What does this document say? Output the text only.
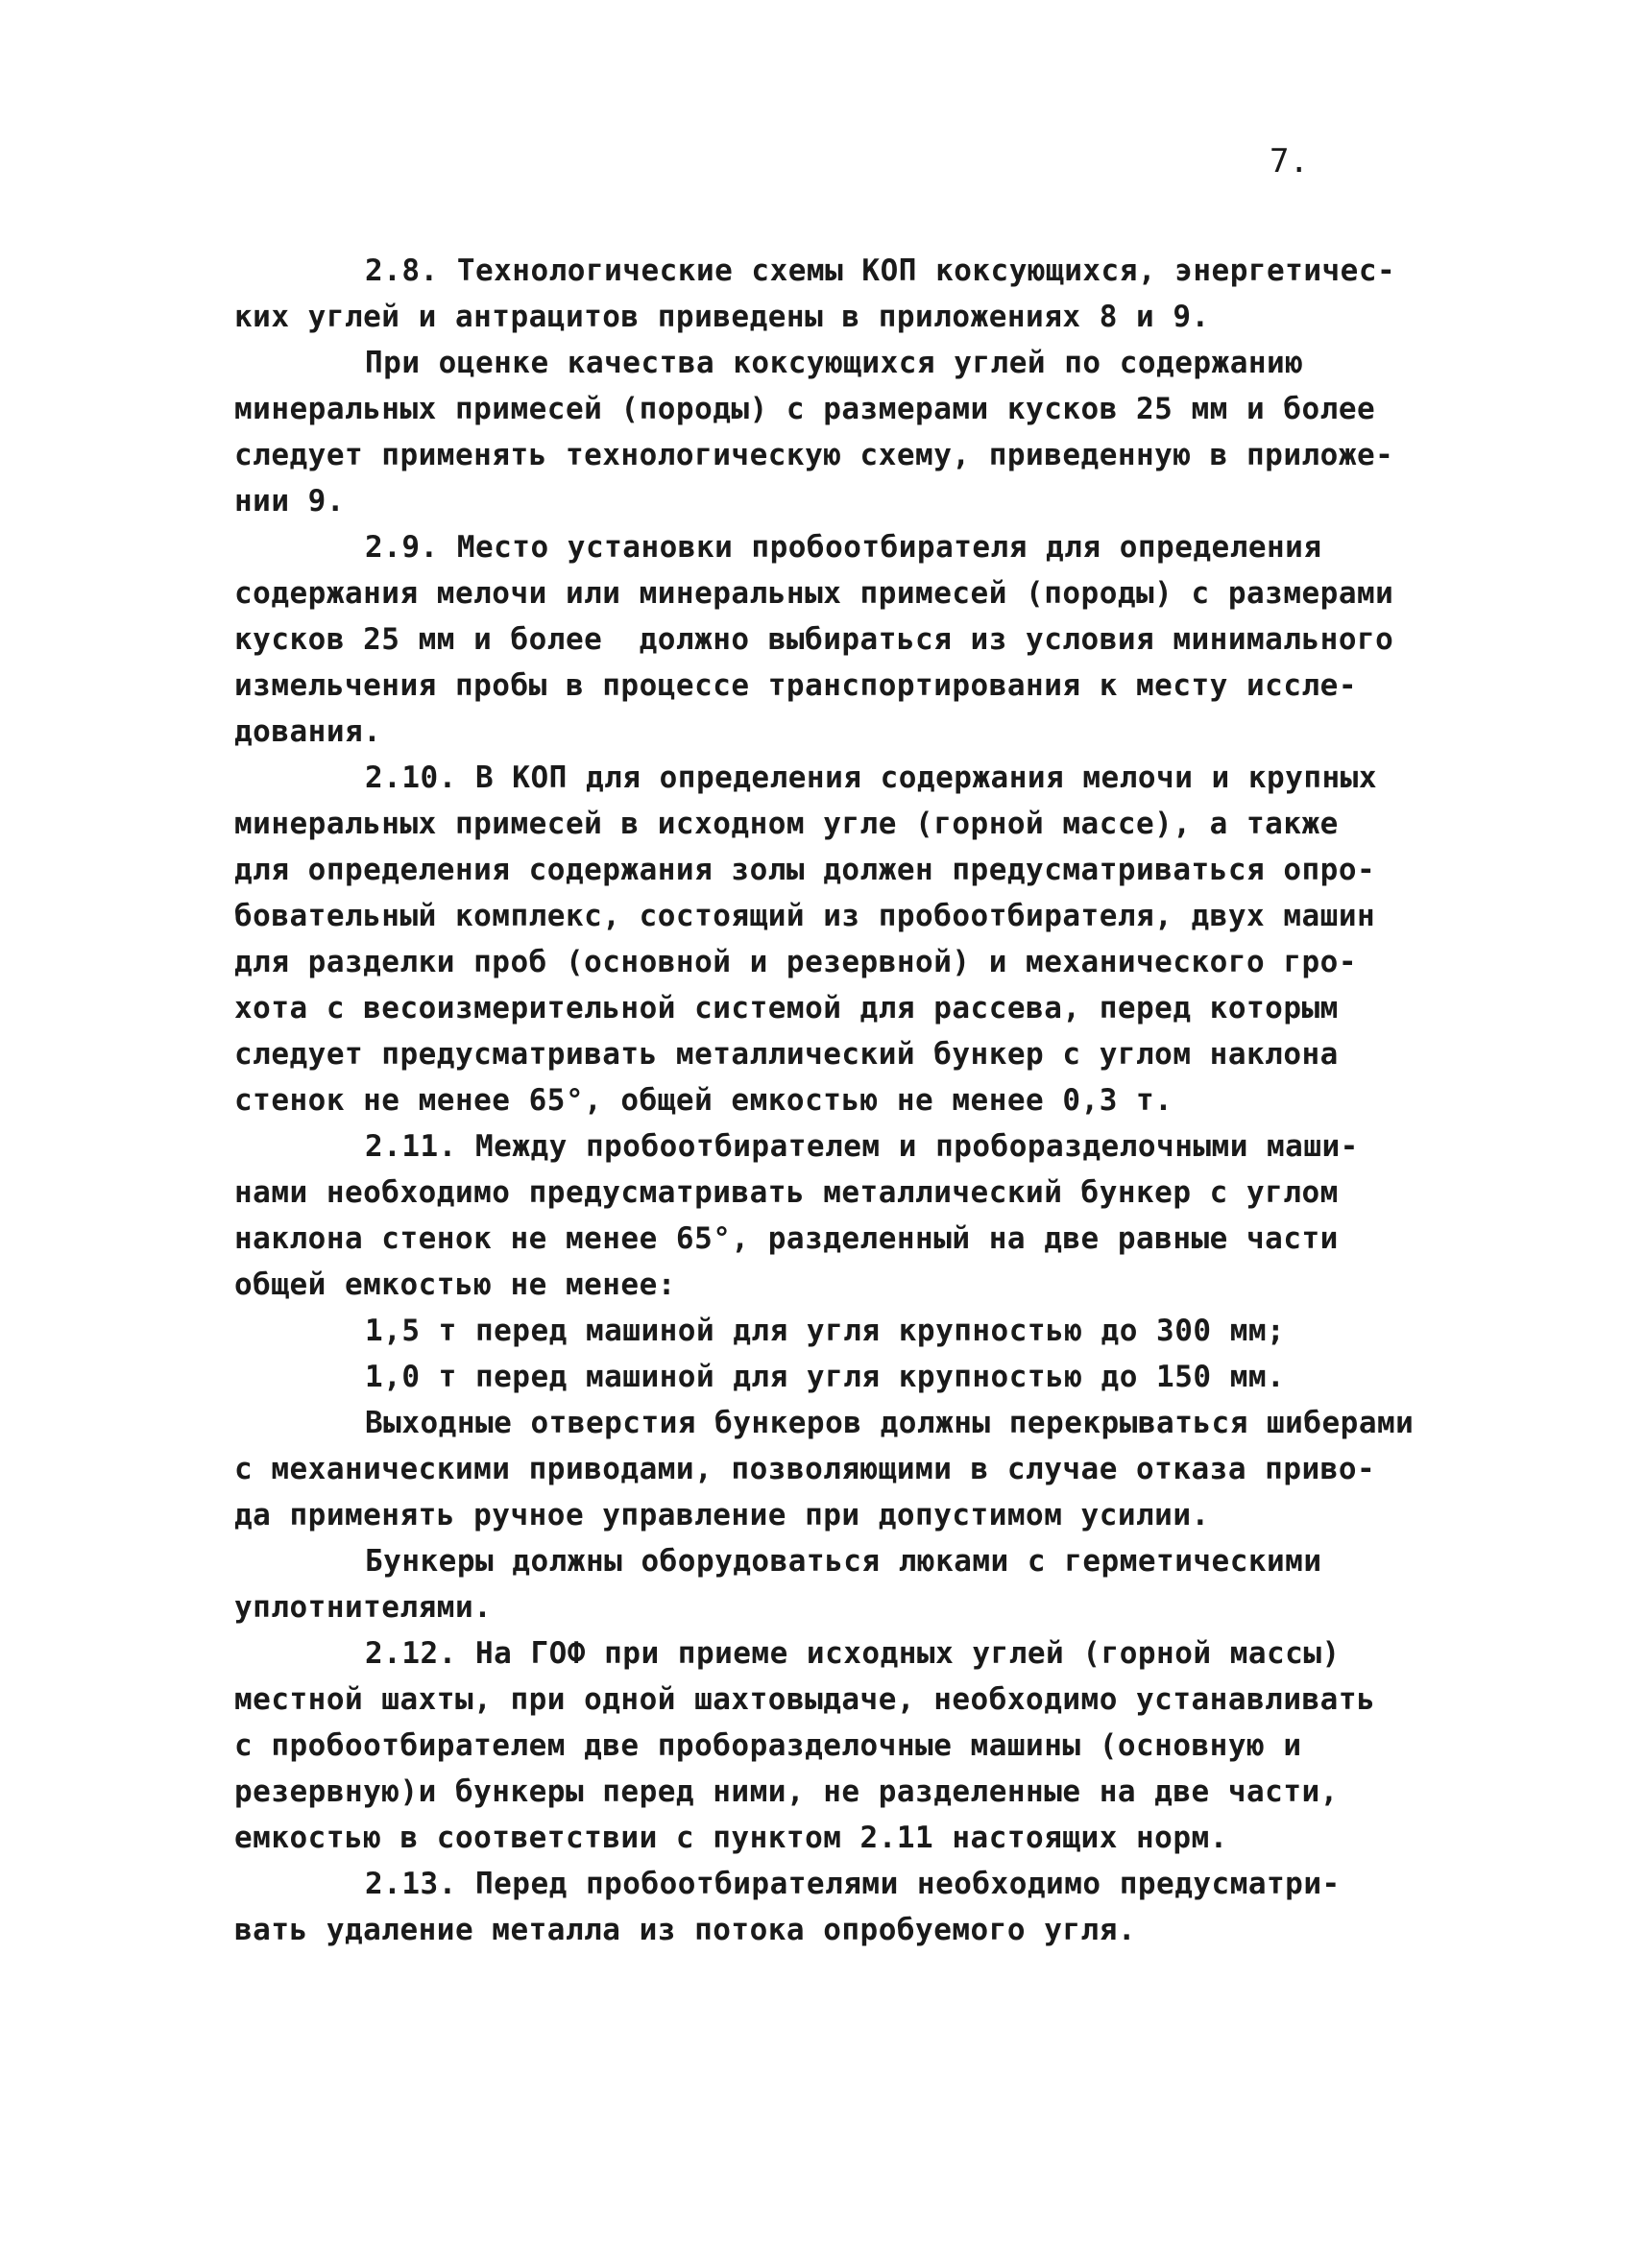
7.
2.8. Технологические схемы КОП коксующихся, энергетичес-
ких углей и антрацитов приведены в приложениях 8 и 9.
При оценке качества коксующихся углей по содержанию
минеральных примесей (породы) с размерами кусков 25 мм и более
следует применять технологическую схему, приведенную в приложе-
нии 9.
2.9. Место установки пробоотбирателя для определения
содержания мелочи или минеральных примесей (породы) с размерами
кусков 25 мм и более  должно выбираться из условия минимального
измельчения пробы в процессе транспортирования к месту иссле-
дования.
2.10. В КОП для определения содержания мелочи и крупных
минеральных примесей в исходном угле (горной массе), а также
для определения содержания золы должен предусматриваться опро-
бовательный комплекс, состоящий из пробоотбирателя, двух машин
для разделки проб (основной и резервной) и механического гро-
хота с весоизмерительной системой для рассева, перед которым
следует предусматривать металлический бункер с углом наклона
стенок не менее 65°, общей емкостью не менее 0,3 т.
2.11. Между пробоотбирателем и проборазделочными маши-
нами необходимо предусматривать металлический бункер с углом
наклона стенок не менее 65°, разделенный на две равные части
общей емкостью не менее:
1,5 т перед машиной для угля крупностью до 300 мм;
1,0 т перед машиной для угля крупностью до 150 мм.
Выходные отверстия бункеров должны перекрываться шиберами
с механическими приводами, позволяющими в случае отказа приво-
да применять ручное управление при допустимом усилии.
Бункеры должны оборудоваться люками с герметическими
уплотнителями.
2.12. На ГОФ при приеме исходных углей (горной массы)
местной шахты, при одной шахтовыдаче, необходимо устанавливать
с пробоотбирателем две проборазделочные машины (основную и
резервную)и бункеры перед ними, не разделенные на две части,
емкостью в соответствии с пунктом 2.11 настоящих норм.
2.13. Перед пробоотбирателями необходимо предусматри-
вать удаление металла из потока опробуемого угля.
